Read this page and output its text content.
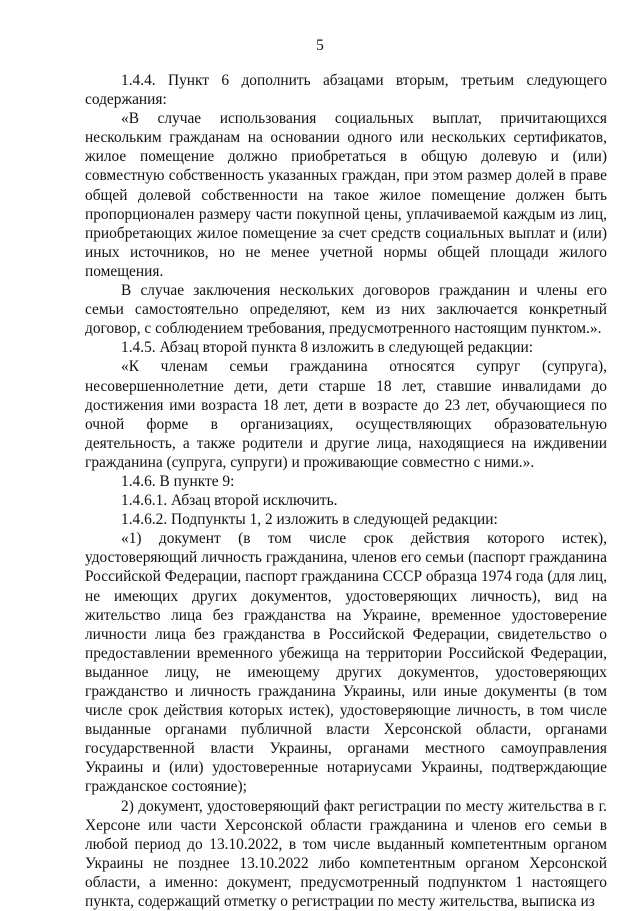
5

1.4.4. Пункт 6 дополнить абзацами вторым, третьим следующего содержания:

«В случае использования социальных выплат, причитающихся нескольким гражданам на основании одного или нескольких сертификатов, жилое помещение должно приобретаться в общую долевую и (или) совместную собственность указанных граждан, при этом размер долей в праве общей долевой собственности на такое жилое помещение должен быть пропорционален размеру части покупной цены, уплачиваемой каждым из лиц, приобретающих жилое помещение за счет средств социальных выплат и (или) иных источников, но не менее учетной нормы общей площади жилого помещения.

В случае заключения нескольких договоров гражданин и члены его семьи самостоятельно определяют, кем из них заключается конкретный договор, с соблюдением требования, предусмотренного настоящим пунктом.».

1.4.5. Абзац второй пункта 8 изложить в следующей редакции:

«К членам семьи гражданина относятся супруг (супруга), несовершеннолетние дети, дети старше 18 лет, ставшие инвалидами до достижения ими возраста 18 лет, дети в возрасте до 23 лет, обучающиеся по очной форме в организациях, осуществляющих образовательную деятельность, а также родители и другие лица, находящиеся на иждивении гражданина (супруга, супруги) и проживающие совместно с ними.».

1.4.6. В пункте 9:

1.4.6.1. Абзац второй исключить.

1.4.6.2. Подпункты 1, 2 изложить в следующей редакции:

«1) документ (в том числе срок действия которого истек), удостоверяющий личность гражданина, членов его семьи (паспорт гражданина Российской Федерации, паспорт гражданина СССР образца 1974 года (для лиц, не имеющих других документов, удостоверяющих личность), вид на жительство лица без гражданства на Украине, временное удостоверение личности лица без гражданства в Российской Федерации, свидетельство о предоставлении временного убежища на территории Российской Федерации, выданное лицу, не имеющему других документов, удостоверяющих гражданство и личность гражданина Украины, или иные документы (в том числе срок действия которых истек), удостоверяющие личность, в том числе выданные органами публичной власти Херсонской области, органами государственной власти Украины, органами местного самоуправления Украины и (или) удостоверенные нотариусами Украины, подтверждающие гражданское состояние);

2) документ, удостоверяющий факт регистрации по месту жительства в г. Херсоне или части Херсонской области гражданина и членов его семьи в любой период до 13.10.2022, в том числе выданный компетентным органом Украины не позднее 13.10.2022 либо компетентным органом Херсонской области, а именно: документ, предусмотренный подпунктом 1 настоящего пункта, содержащий отметку о регистрации по месту жительства, выписка из
